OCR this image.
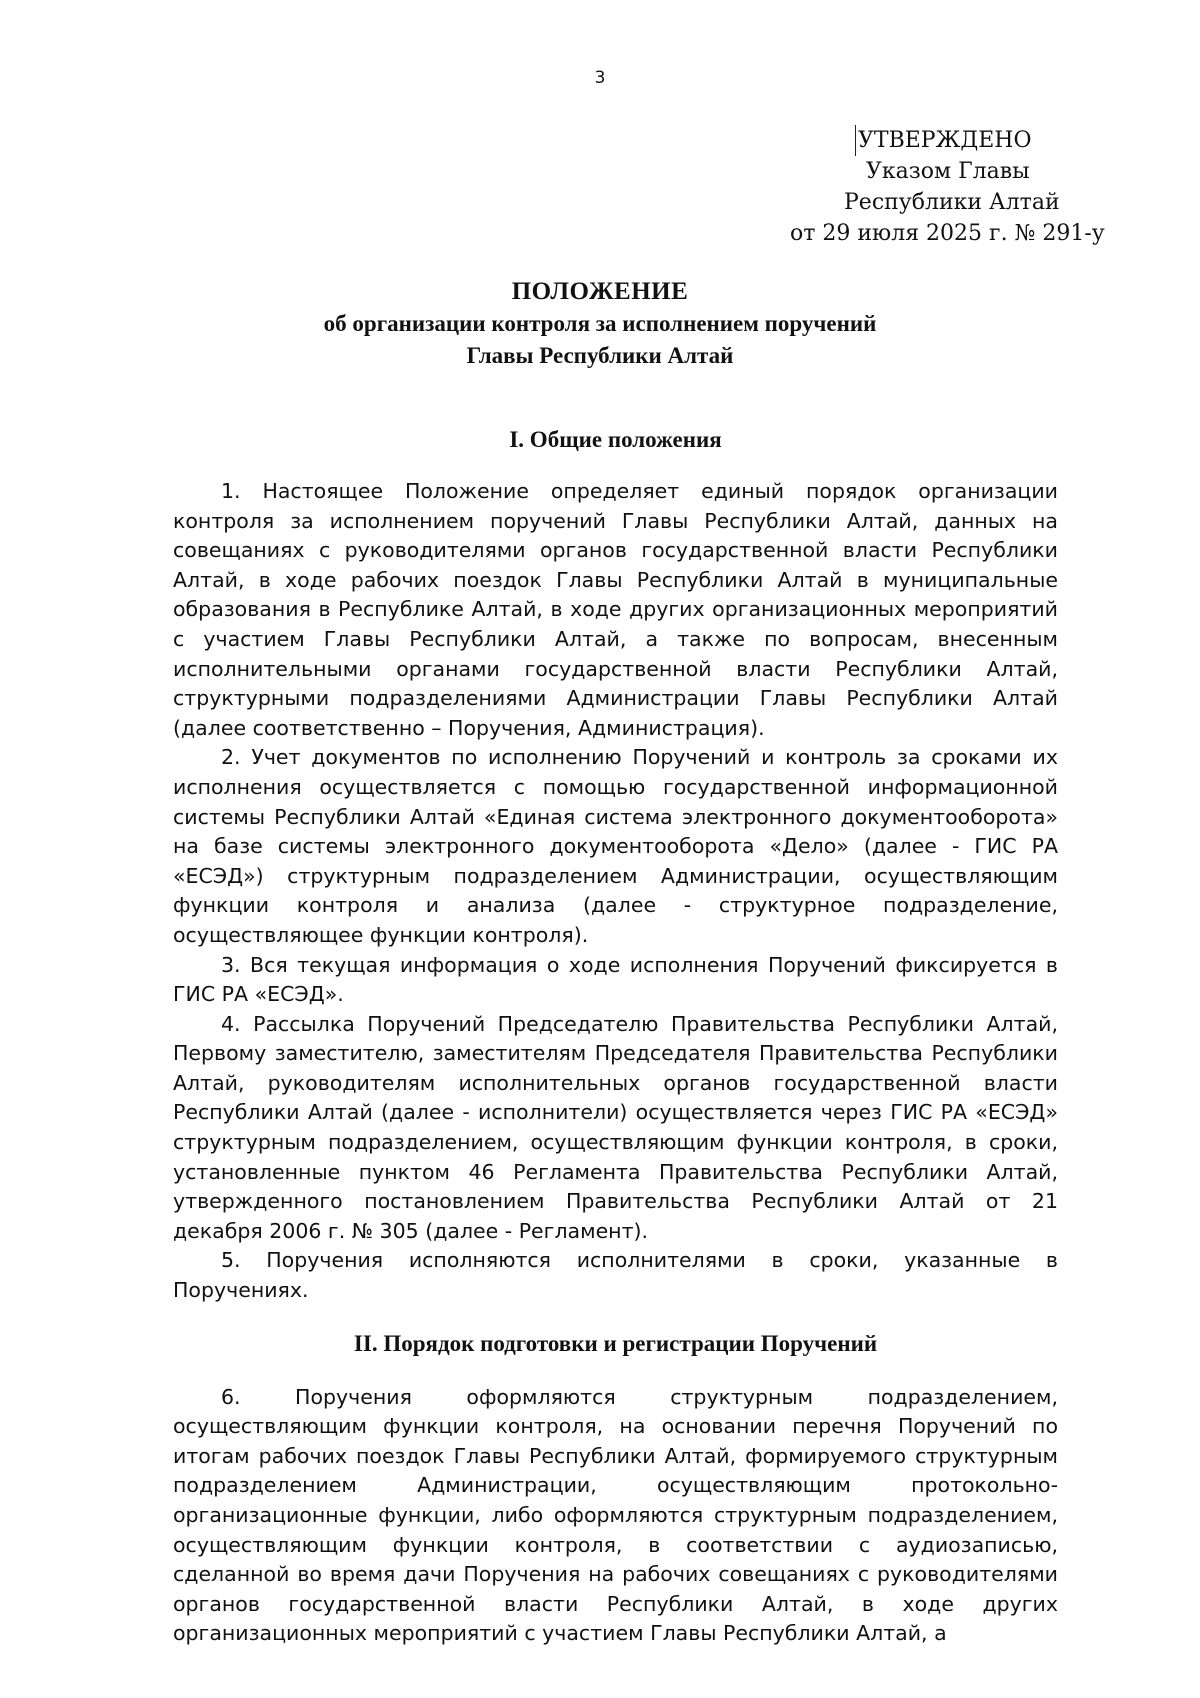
3
УТВЕРЖДЕНО
Указом Главы
Республики Алтай
от 29 июля 2025 г. № 291-у
ПОЛОЖЕНИЕ
об организации контроля за исполнением поручений
Главы Республики Алтай
I. Общие положения

1. Настоящее Положение определяет единый порядок организации контроля за исполнением поручений Главы Республики Алтай, данных на совещаниях с руководителями органов государственной власти Республики Алтай, в ходе рабочих поездок Главы Республики Алтай в муниципальные образования в Республике Алтай, в ходе других организационных мероприятий с участием Главы Республики Алтай, а также по вопросам, внесенным исполнительными органами государственной власти Республики Алтай, структурными подразделениями Администрации Главы Республики Алтай (далее соответственно – Поручения, Администрация).

2. Учет документов по исполнению Поручений и контроль за сроками их исполнения осуществляется с помощью государственной информационной системы Республики Алтай «Единая система электронного документооборота» на базе системы электронного документооборота «Дело» (далее - ГИС РА «ЕСЭД») структурным подразделением Администрации, осуществляющим функции контроля и анализа (далее - структурное подразделение, осуществляющее функции контроля).

3. Вся текущая информация о ходе исполнения Поручений фиксируется в ГИС РА «ЕСЭД».

4. Рассылка Поручений Председателю Правительства Республики Алтай, Первому заместителю, заместителям Председателя Правительства Республики Алтай, руководителям исполнительных органов государственной власти Республики Алтай (далее - исполнители) осуществляется через ГИС РА «ЕСЭД» структурным подразделением, осуществляющим функции контроля, в сроки, установленные пунктом 46 Регламента Правительства Республики Алтай, утвержденного постановлением Правительства Республики Алтай от 21 декабря 2006 г. № 305 (далее - Регламент).

5. Поручения исполняются исполнителями в сроки, указанные в Поручениях.

II. Порядок подготовки и регистрации Поручений

6. Поручения оформляются структурным подразделением, осуществляющим функции контроля, на основании перечня Поручений по итогам рабочих поездок Главы Республики Алтай, формируемого структурным подразделением Администрации, осуществляющим протокольно-организационные функции, либо оформляются структурным подразделением, осуществляющим функции контроля, в соответствии с аудиозаписью, сделанной во время дачи Поручения на рабочих совещаниях с руководителями органов государственной власти Республики Алтай, в ходе других организационных мероприятий с участием Главы Республики Алтай, а
